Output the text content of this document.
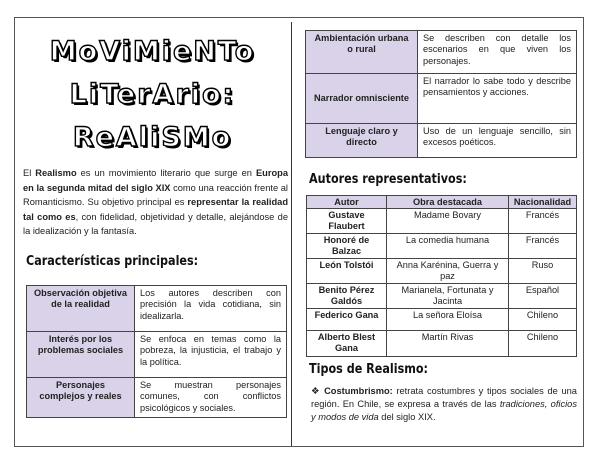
MoViMieNTo
LiTerArio:
ReAliSMo

El Realismo es un movimiento literario que surge en Europa en la segunda mitad del siglo XIX como una reacción frente al Romanticismo. Su objetivo principal es representar la realidad tal como es, con fidelidad, objetividad y detalle, alejándose de la idealización y la fantasía.

Características principales:
Observación objetiva de la realidad	Los autores describen con precisión la vida cotidiana, sin idealizarla.
Interés por los problemas sociales	Se enfoca en temas como la pobreza, la injusticia, el trabajo y la política.
Personajes complejos y reales	Se muestran personajes comunes, con conflictos psicológicos y sociales.
Ambientación urbana o rural	Se describen con detalle los escenarios en que viven los personajes.
Narrador omnisciente	El narrador lo sabe todo y describe pensamientos y acciones.
Lenguaje claro y directo	Uso de un lenguaje sencillo, sin excesos poéticos.
Autores representativos:
Autor	Obra destacada	Nacionalidad
Gustave Flaubert	Madame Bovary	Francés
Honoré de Balzac	La comedia humana	Francés
León Tolstói	Anna Karénina, Guerra y paz	Ruso
Benito Pérez Galdós	Marianela, Fortunata y Jacinta	Español
Federico Gana	La señora Eloísa	Chileno
Alberto Blest Gana	Martín Rivas	Chileno
Tipos de Realismo:

❖ Costumbrismo: retrata costumbres y tipos sociales de una región. En Chile, se expresa a través de las tradiciones, oficios y modos de vida del siglo XIX.
